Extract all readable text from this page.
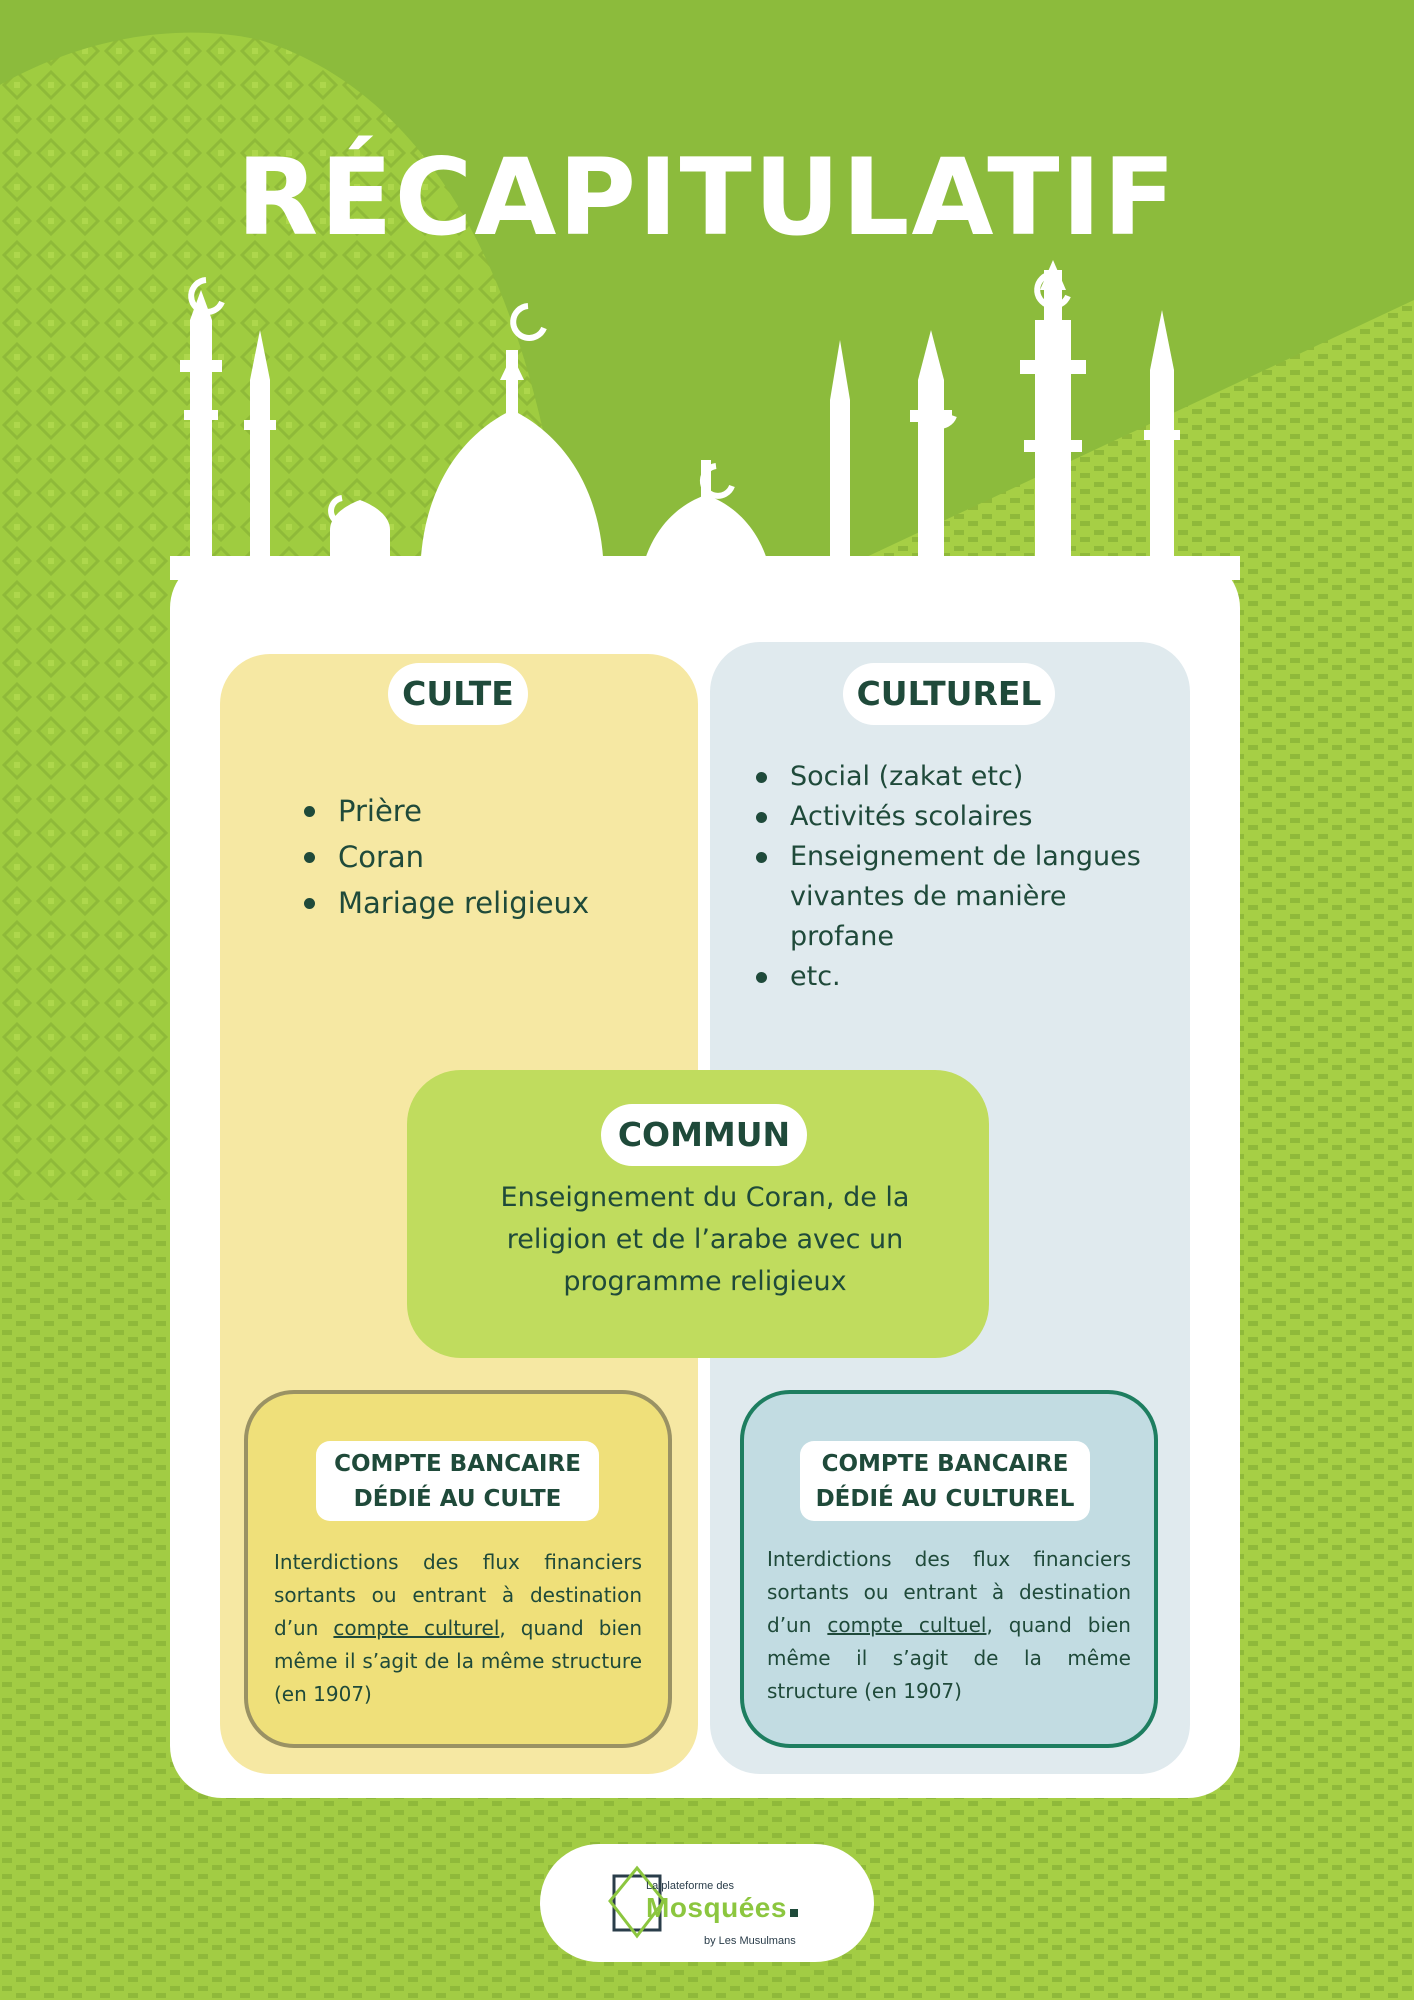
RÉCAPITULATIF
CULTE	CULTUREL
Prière
Coran
Mariage religieux
Social (zakat etc)
Activités scolaires
Enseignement de langues vivantes de manière profane
etc.
COMMUN

Enseignement du Coran, de la religion et de l’arabe avec un programme religieux

COMPTE BANCAIRE
DÉDIÉ AU CULTE

Interdictions des flux financiers sortants ou entrant à destination d’un compte culturel, quand bien même il s’agit de la même structure (en 1907)

COMPTE BANCAIRE
DÉDIÉ AU CULTUREL

Interdictions des flux financiers sortants ou entrant à destination d’un compte cultuel, quand bien même il s’agit de la même structure (en 1907)

La plateforme des
Mosquées
by Les Musulmans
